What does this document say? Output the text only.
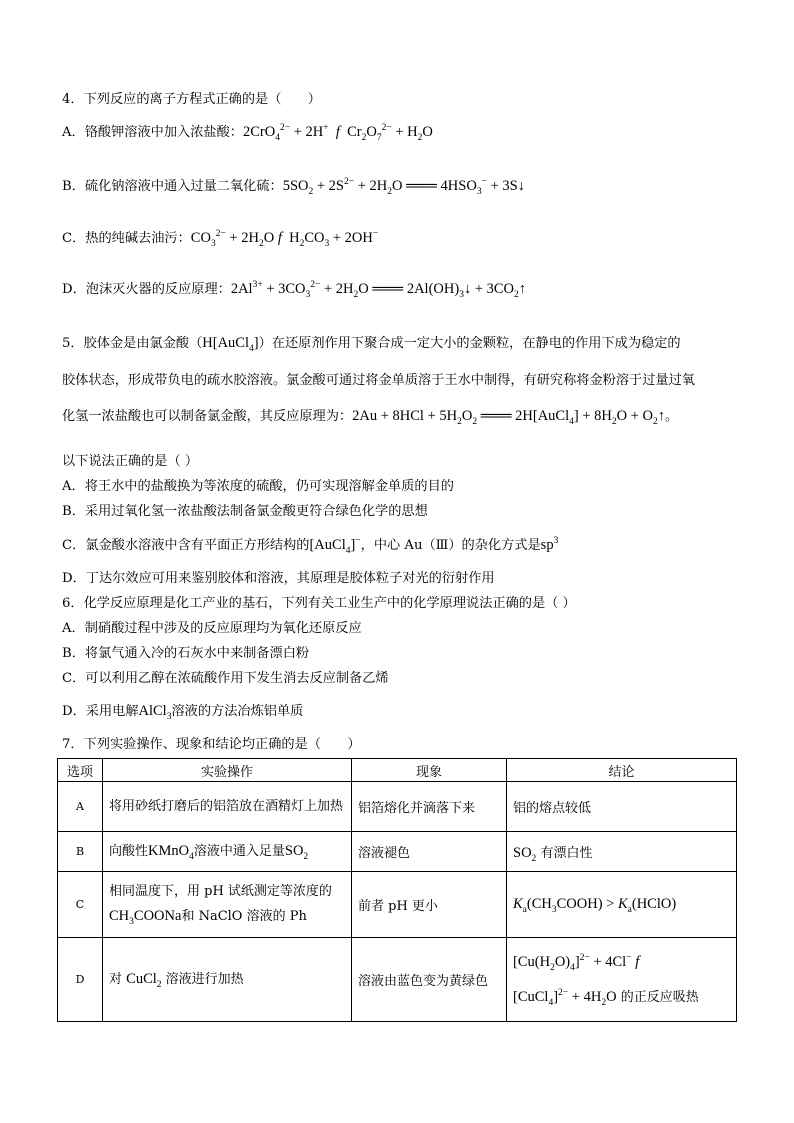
4．下列反应的离子方程式正确的是（　　）
A．铬酸钾溶液中加入浓盐酸：2CrO$_4^{2-}$ + 2H+ f  $Cr_2O_7^{2-} + H_2O$
B．硫化钠溶液中通入过量二氧化硫：$5SO_2 + 2S^{2-} + 2H_2O$ ═══ $4HSO_3^-$ + 3S↓
C．热的纯碱去油污：$CO_3^{2-} + 2H_2O$ f  $H_2CO_3 + 2OH^-$
D．泡沫灭火器的反应原理：$2Al^{3+} + 3CO_3^{2-} + 2H_2O$ ═══ $2Al(OH)_3↓$ + $3CO_2↑$
5．胶体金是由氯金酸（H[AuCl$_4$]）在还原剂作用下聚合成一定大小的金颗粒，在静电的作用下成为稳定的
胶体状态，形成带负电的疏水胶溶液。氯金酸可通过将金单质溶于王水中制得，有研究称将金粉溶于过量过氧
化氢一浓盐酸也可以制备氯金酸，其反应原理为：$2Au + 8HCl + 5H_2O_2$ ═══ 2H[AuCl$_4$] + $8H_2O$ + $O_2↑$。
以下说法正确的是（ ）
A．将王水中的盐酸换为等浓度的硫酸，仍可实现溶解金单质的目的
B．采用过氧化氢一浓盐酸法制备氯金酸更符合绿色化学的思想
C．氯金酸水溶液中含有平面正方形结构的[AuCl$_4$]−，中心 Au（Ⅲ）的杂化方式是$sp^3$
D．丁达尔效应可用来鉴别胶体和溶液，其原理是胶体粒子对光的衍射作用
6．化学反应原理是化工产业的基石，下列有关工业生产中的化学原理说法正确的是（ ）
A．制硝酸过程中涉及的反应原理均为氧化还原反应
B．将氯气通入冷的石灰水中来制备漂白粉
C．可以利用乙醇在浓硫酸作用下发生消去反应制备乙烯
D．采用电解AlCl$_3$溶液的方法冶炼铝单质
7．下列实验操作、现象和结论均正确的是（　　）
选项	实验操作	现象	结论
A	将用砂纸打磨后的铝箔放在酒精灯上加热	铝箔熔化并滴落下来	铝的熔点较低
B	向酸性KMnO$_4$溶液中通入足量$SO_2$	溶液褪色	$SO_2$ 有漂白性
C	相同温度下，用 pH 试纸测定等浓度的
$CH_3COONa$和 NaClO 溶液的 Ph	前者 pH 更小	$K_a(CH_3COOH)$ > $K_a(HClO)$
D	对 CuCl$_2$ 溶液进行加热	溶液由蓝色变为黄绿色	$[Cu(H_2O)_4]^{2-} + 4Cl^-$ f
[CuCl$_4$]$^{2-}$ + $4H_2O$ 的正反应吸热
